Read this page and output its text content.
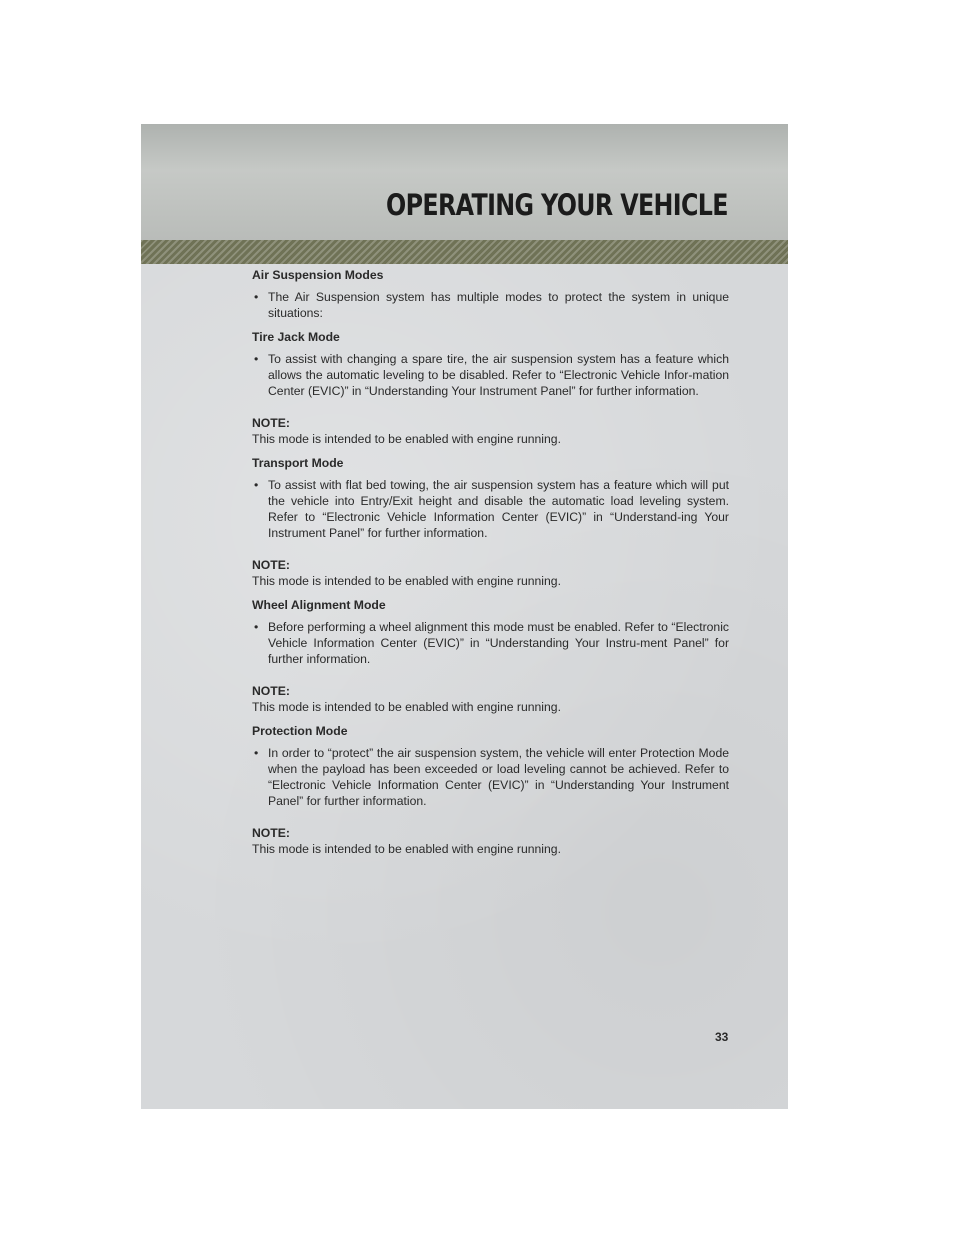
OPERATING YOUR VEHICLE
Air Suspension Modes
• The Air Suspension system has multiple modes to protect the system in unique situations:
Tire Jack Mode
• To assist with changing a spare tire, the air suspension system has a feature which allows the automatic leveling to be disabled. Refer to “Electronic Vehicle Infor-mation Center (EVIC)” in “Understanding Your Instrument Panel” for further information.
NOTE:
This mode is intended to be enabled with engine running.
Transport Mode
• To assist with flat bed towing, the air suspension system has a feature which will put the vehicle into Entry/Exit height and disable the automatic load leveling system. Refer to “Electronic Vehicle Information Center (EVIC)” in “Understand-ing Your Instrument Panel” for further information.
NOTE:
This mode is intended to be enabled with engine running.
Wheel Alignment Mode
• Before performing a wheel alignment this mode must be enabled. Refer to “Electronic Vehicle Information Center (EVIC)” in “Understanding Your Instru-ment Panel” for further information.
NOTE:
This mode is intended to be enabled with engine running.
Protection Mode
• In order to “protect” the air suspension system, the vehicle will enter Protection Mode when the payload has been exceeded or load leveling cannot be achieved. Refer to “Electronic Vehicle Information Center (EVIC)” in “Understanding Your Instrument Panel” for further information.
NOTE:
This mode is intended to be enabled with engine running.
33
